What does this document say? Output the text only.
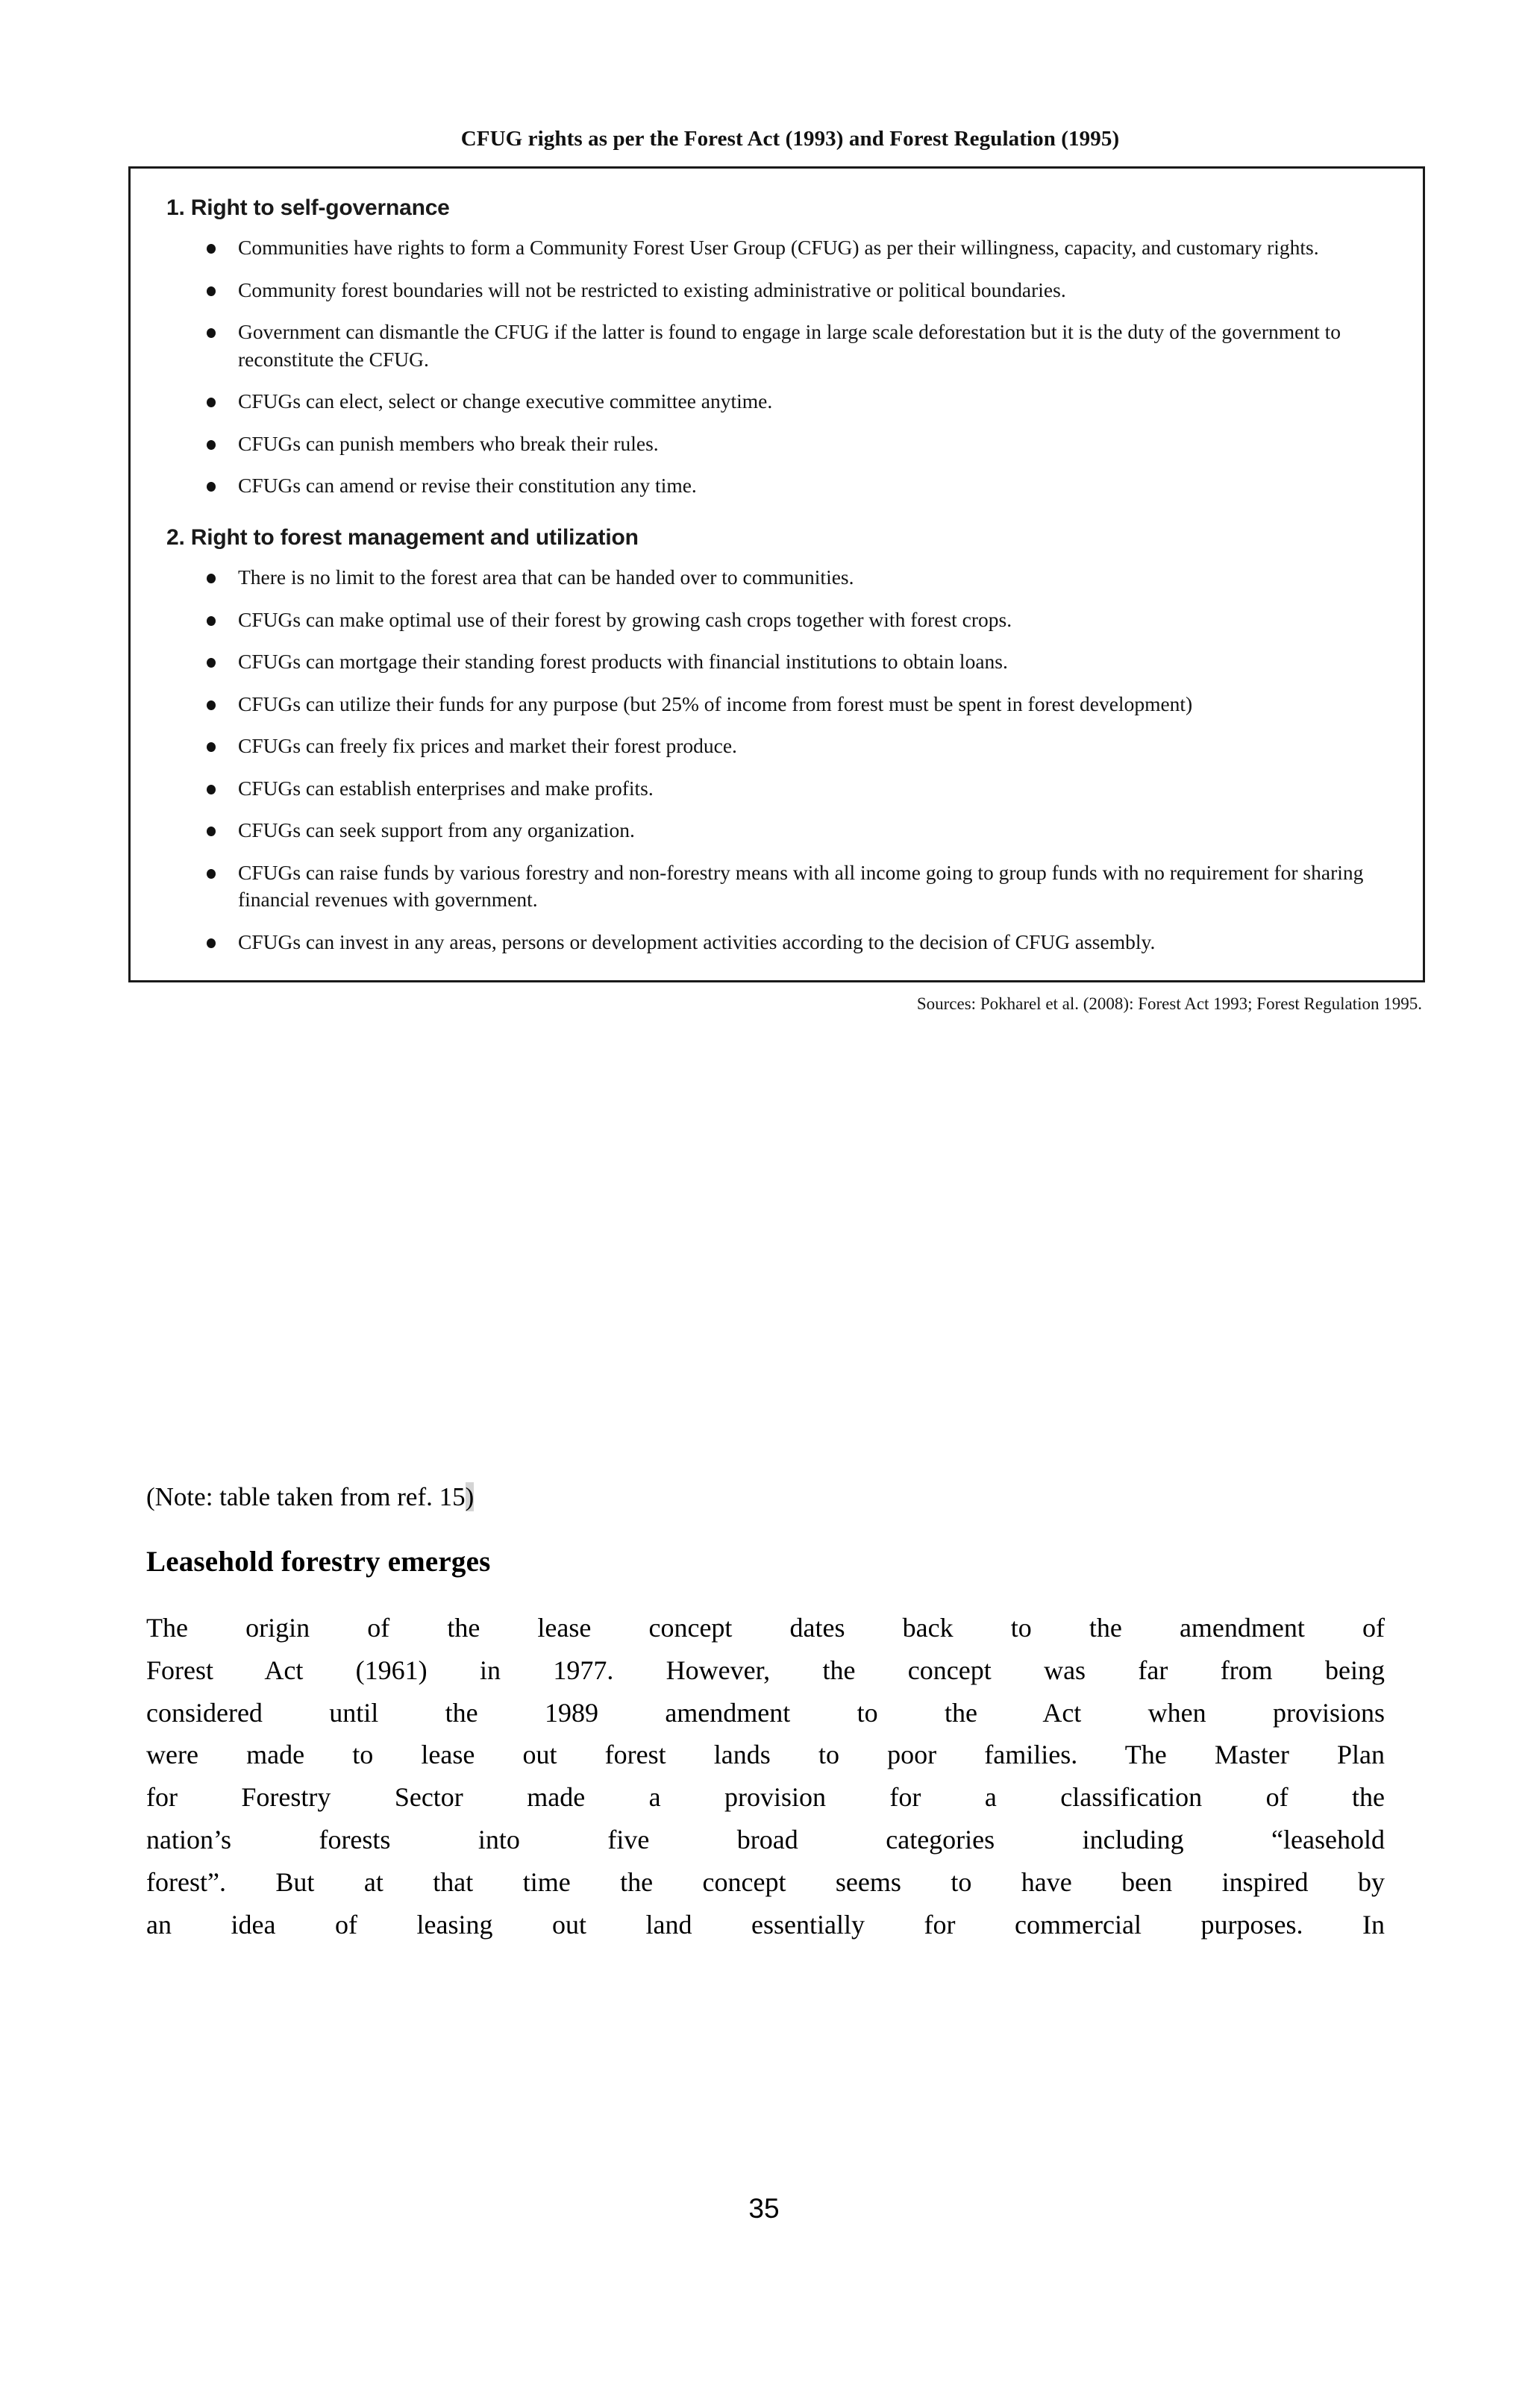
CFUG rights as per the Forest Act (1993) and Forest Regulation (1995)
1. Right to self-governance
Communities have rights to form a Community Forest User Group (CFUG) as per their willingness, capacity, and customary rights.
Community forest boundaries will not be restricted to existing administrative or political boundaries.
Government can dismantle the CFUG if the latter is found to engage in large scale deforestation but it is the duty of the government to reconstitute the CFUG.
CFUGs can elect, select or change executive committee anytime.
CFUGs can punish members who break their rules.
CFUGs can amend or revise their constitution any time.
2. Right to forest management and utilization
There is no limit to the forest area that can be handed over to communities.
CFUGs can make optimal use of their forest by growing cash crops together with forest crops.
CFUGs can mortgage their standing forest products with financial institutions to obtain loans.
CFUGs can utilize their funds for any purpose (but 25% of income from forest must be spent in forest development)
CFUGs can freely fix prices and market their forest produce.
CFUGs can establish enterprises and make profits.
CFUGs can seek support from any organization.
CFUGs can raise funds by various forestry and non-forestry means with all income going to group funds with no requirement for sharing financial revenues with government.
CFUGs can invest in any areas, persons or development activities according to the decision of CFUG assembly.
Sources: Pokharel et al. (2008): Forest Act 1993; Forest Regulation 1995.
(Note: table taken from ref. 15)
Leasehold forestry emerges
The origin of the lease concept dates back to the amendment of
Forest Act (1961) in 1977. However, the concept was far from being
considered until the 1989 amendment to the Act when provisions
were made to lease out forest lands to poor families. The Master Plan
for Forestry Sector made a provision for a classification of the
nation’s forests into five broad categories including “leasehold
forest”. But at that time the concept seems to have been inspired by
an idea of leasing out land essentially for commercial purposes. In
35
